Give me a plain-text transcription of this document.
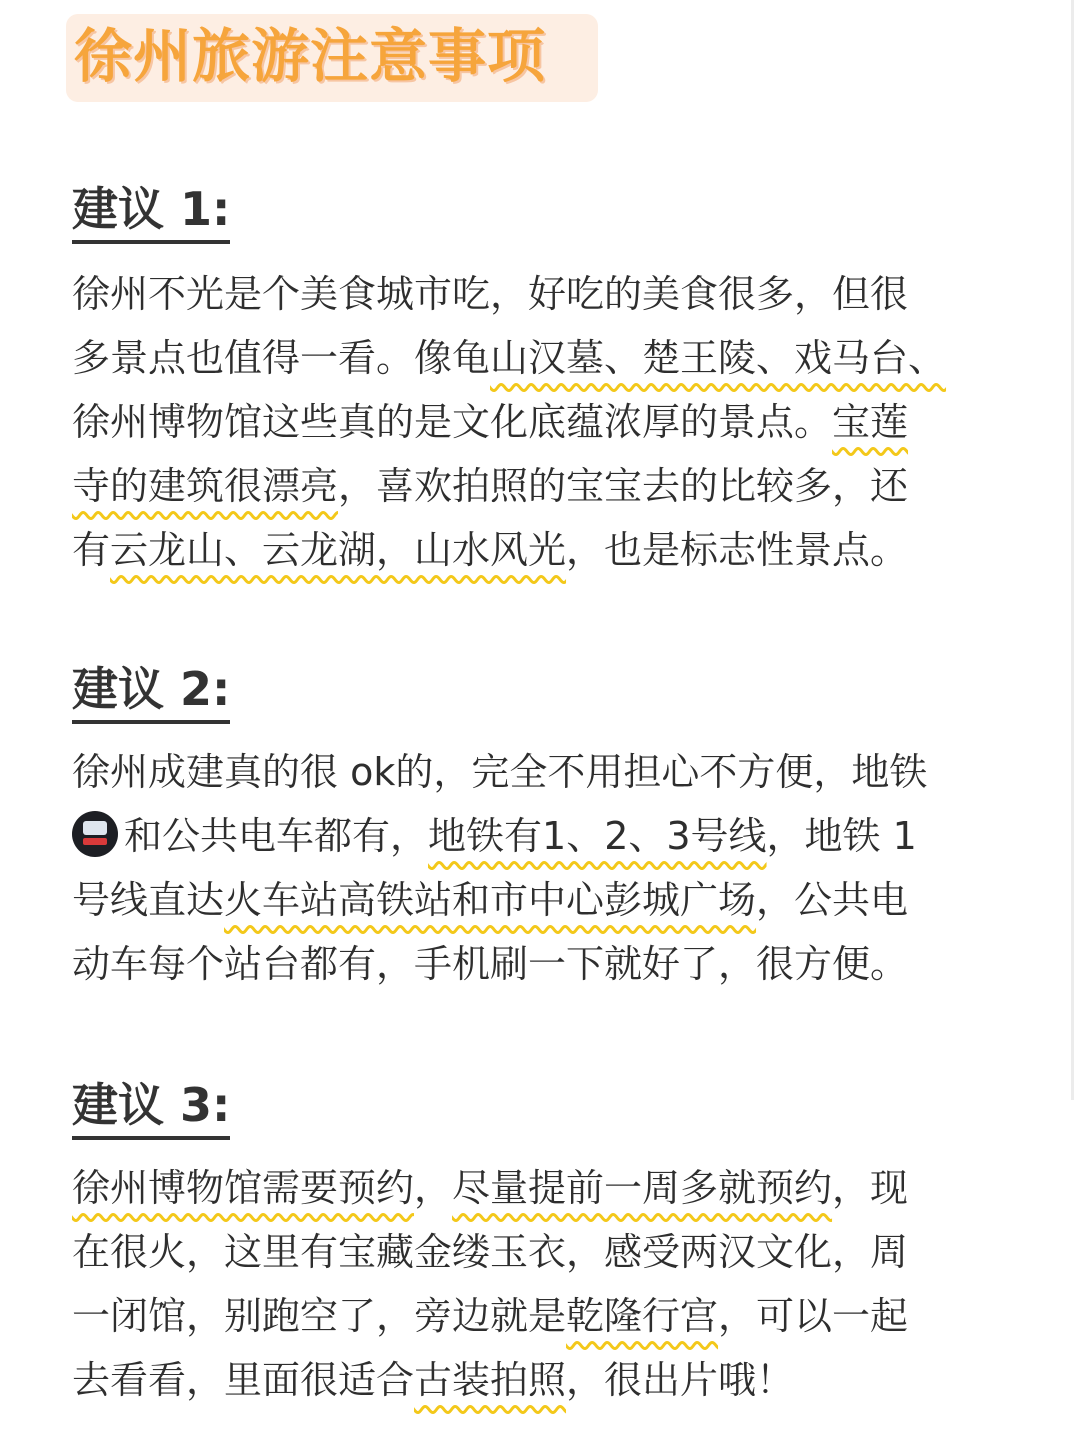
徐州旅游注意事项
建议 1:
徐州不光是个美食城市吃，好吃的美食很多，但很
多景点也值得一看。像龟山汉墓、楚王陵、戏马台、
徐州博物馆这些真的是文化底蕴浓厚的景点。宝莲
寺的建筑很漂亮，喜欢拍照的宝宝去的比较多，还
有云龙山、云龙湖，山水风光，也是标志性景点。
建议 2:
徐州成建真的很 ok的，完全不用担心不方便，地铁
和公共电车都有，地铁有1、2、3号线，地铁 1
号线直达火车站高铁站和市中心彭城广场，公共电
动车每个站台都有，手机刷一下就好了，很方便。
建议 3:
徐州博物馆需要预约，尽量提前一周多就预约，现
在很火，这里有宝藏金缕玉衣，感受两汉文化，周
一闭馆，别跑空了，旁边就是乾隆行宫，可以一起
去看看，里面很适合古装拍照，很出片哦！
